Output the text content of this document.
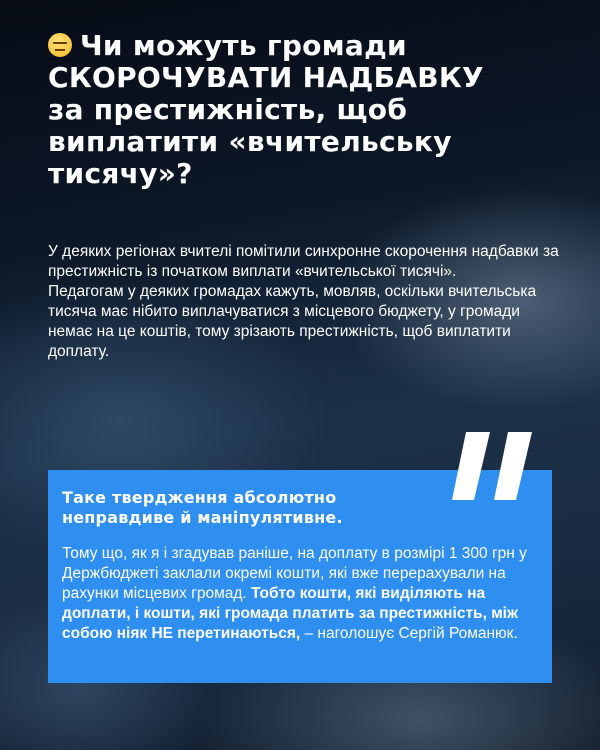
Чи можуть громади
СКОРОЧУВАТИ НАДБАВКУ
за престижність, щоб
виплатити «вчительську
тисячу»?

У деяких регіонах вчителі помітили синхронне скорочення надбавки за престижність із початком виплати «вчительської тисячі».

Педагогам у деяких громадах кажуть, мовляв, оскільки вчительська тисяча має нібито виплачуватися з місцевого бюджету, у громади немає на це коштів, тому зрізають престижність, щоб виплатити доплату.

Таке твердження абсолютно неправдиве й маніпулятивне.
Тому що, як я і згадував раніше, на доплату в розмірі 1 300 грн у Держбюджеті заклали окремі кошти, які вже перерахували на рахунки місцевих громад. Тобто кошти, які виділяють на доплати, і кошти, які громада платить за престижність, між собою ніяк НЕ перетинаються, – наголошує Сергій Романюк.
